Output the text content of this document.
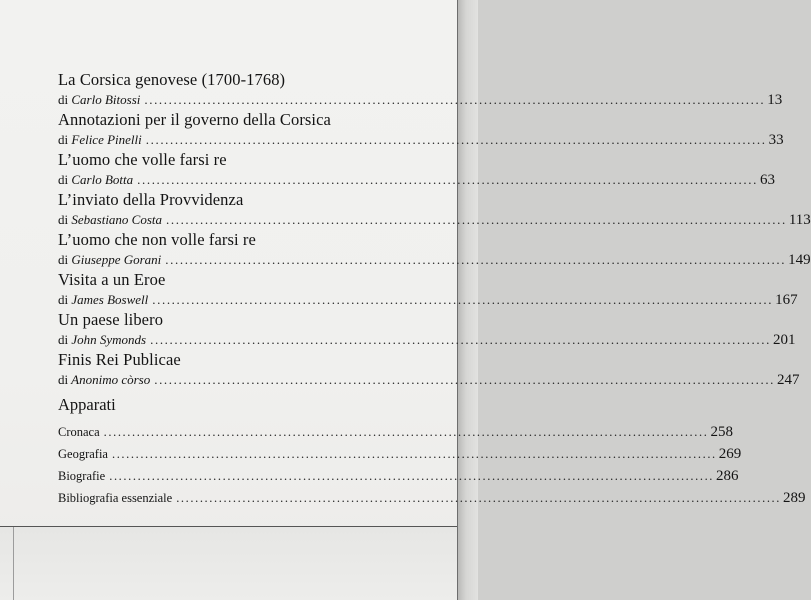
La Corsica genovese (1700-1768)
di Carlo Bitossi ................................................................................................................................ 13
Annotazioni per il governo della Corsica
di Felice Pinelli ................................................................................................................................ 33
L’uomo che volle farsi re
di Carlo Botta ................................................................................................................................ 63
L’inviato della Provvidenza
di Sebastiano Costa ................................................................................................................................ 113
L’uomo che non volle farsi re
di Giuseppe Gorani ................................................................................................................................ 149
Visita a un Eroe
di James Boswell ................................................................................................................................ 167
Un paese libero
di John Symonds ................................................................................................................................ 201
Finis Rei Publicae
di Anonimo còrso ................................................................................................................................ 247
Apparati
Cronaca ................................................................................................................................ 258
Geografia ................................................................................................................................ 269
Biografie ................................................................................................................................ 286
Bibliografia essenziale ................................................................................................................................ 289
